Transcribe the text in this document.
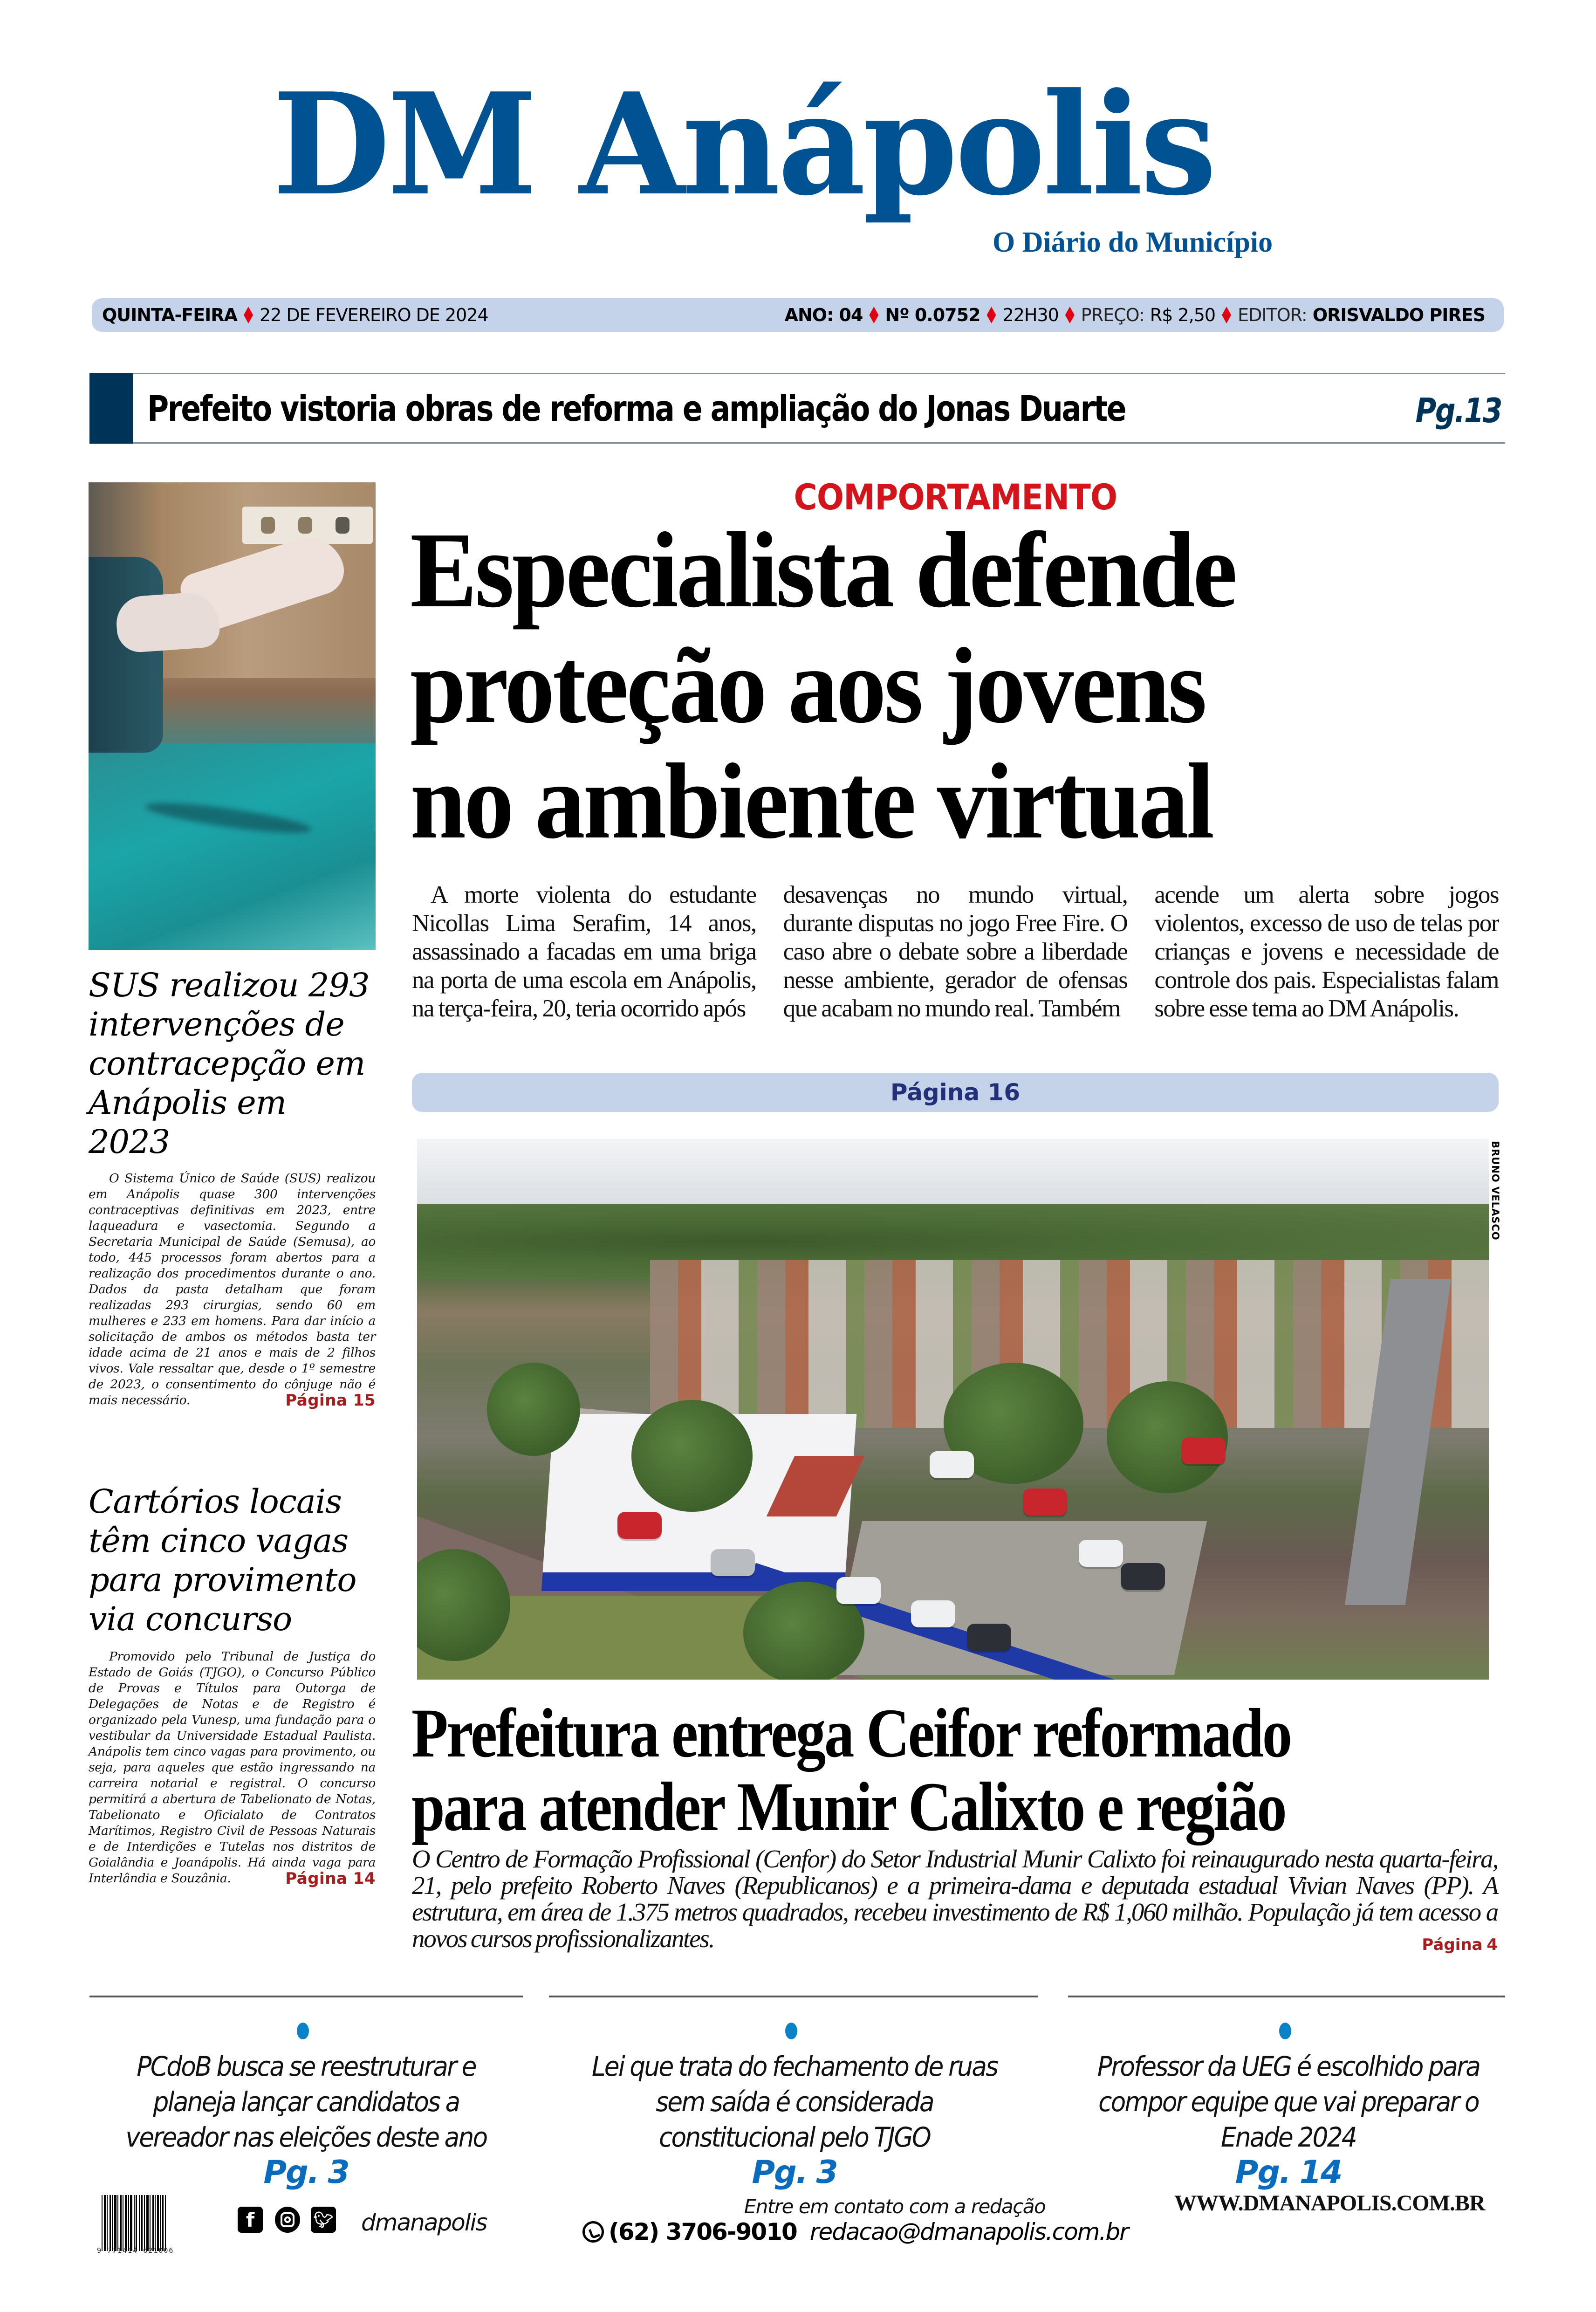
DM Anápolis
O Diário do Município
QUINTA-FEIRA 22 DE FEVEREIRO DE 2024	ANO: 04 Nº 0.0752 22H30 PREÇO:
R$ 2,50 EDITOR:
ORISVALDO PIRES
Prefeito vistoria obras de reforma e ampliação do Jonas Duarte	Pg.13
SUS realizou 293 intervenções de contracepção em Anápolis em 2023

O Sistema Único de Saúde (SUS) realizou em Anápolis quase 300 intervenções contraceptivas definitivas em 2023, entre laqueadura e vasectomia. Segundo a Secretaria Municipal de Saúde (Semusa), ao todo, 445 processos foram abertos para a realização dos procedimentos durante o ano. Dados da pasta detalham que foram realizadas 293 cirurgias, sendo 60 em mulheres e 233 em homens. Para dar início a solicitação de ambos os métodos basta ter idade acima de 21 anos e mais de 2 filhos vivos. Vale ressaltar que, desde o 1º semestre de 2023, o consentimento do cônjuge não é mais necessário.	Página 15

Cartórios locais têm cinco vagas para provimento via concurso

Promovido pelo Tribunal de Justiça do Estado de Goiás (TJGO), o Concurso Público de Provas e Títulos para Outorga de Delegações de Notas e de Registro é organizado pela Vunesp, uma fundação para o vestibular da Universidade Estadual Paulista. Anápolis tem cinco vagas para provimento, ou seja, para aqueles que estão ingressando na carreira notarial e registral. O concurso permitirá a abertura de Tabelionato de Notas, Tabelionato e Oficialato de Contratos Marítimos, Registro Civil de Pessoas Naturais e de Interdições e Tutelas nos distritos de Goialândia e Joanápolis. Há ainda vaga para Interlândia e Souzânia.	Página 14

COMPORTAMENTO
Especialista defende
proteção aos jovens
no ambiente virtual

A morte violenta do estudante Nicollas Lima Serafim, 14 anos, assassinado a facadas em uma briga na porta de uma escola em Anápolis, na terça-feira, 20, teria ocorrido após

desavenças no mundo virtual, durante disputas no jogo Free Fire. O caso abre o debate sobre a liberdade nesse ambiente, gerador de ofensas que acabam no mundo real. Também

acende um alerta sobre jogos violentos, excesso de uso de telas por crianças e jovens e necessidade de controle dos pais. Especialistas falam sobre esse tema ao DM Anápolis.

Página 16
BRUNO VELASCO
Prefeitura entrega Ceifor reformado
para atender Munir Calixto e região

O Centro de Formação Profissional (Cenfor) do Setor Industrial Munir Calixto foi reinaugurado nesta quarta-feira, 21, pelo prefeito Roberto Naves (Republicanos) e a primeira-dama e deputada estadual Vivian Naves (PP). A estrutura, em área de 1.375 metros quadrados, recebeu investimento de R$ 1,060 milhão. População já tem acesso a novos cursos profissionalizantes.	Página 4

PCdoB busca se reestruturar e planeja lançar candidatos a vereador nas eleições deste ano
Pg. 3
Lei que trata do fechamento de ruas sem saída é considerada constitucional pelo TJGO
Pg. 3
Professor da UEG é escolhido para compor equipe que vai preparar o Enade 2024
Pg. 14
9 771414 621006
f	🐦︎ dmanapolis
Entre em contato com a redação
(62) 3706-9010 redacao@dmanapolis.com.br
WWW.DMANAPOLIS.COM.BR
